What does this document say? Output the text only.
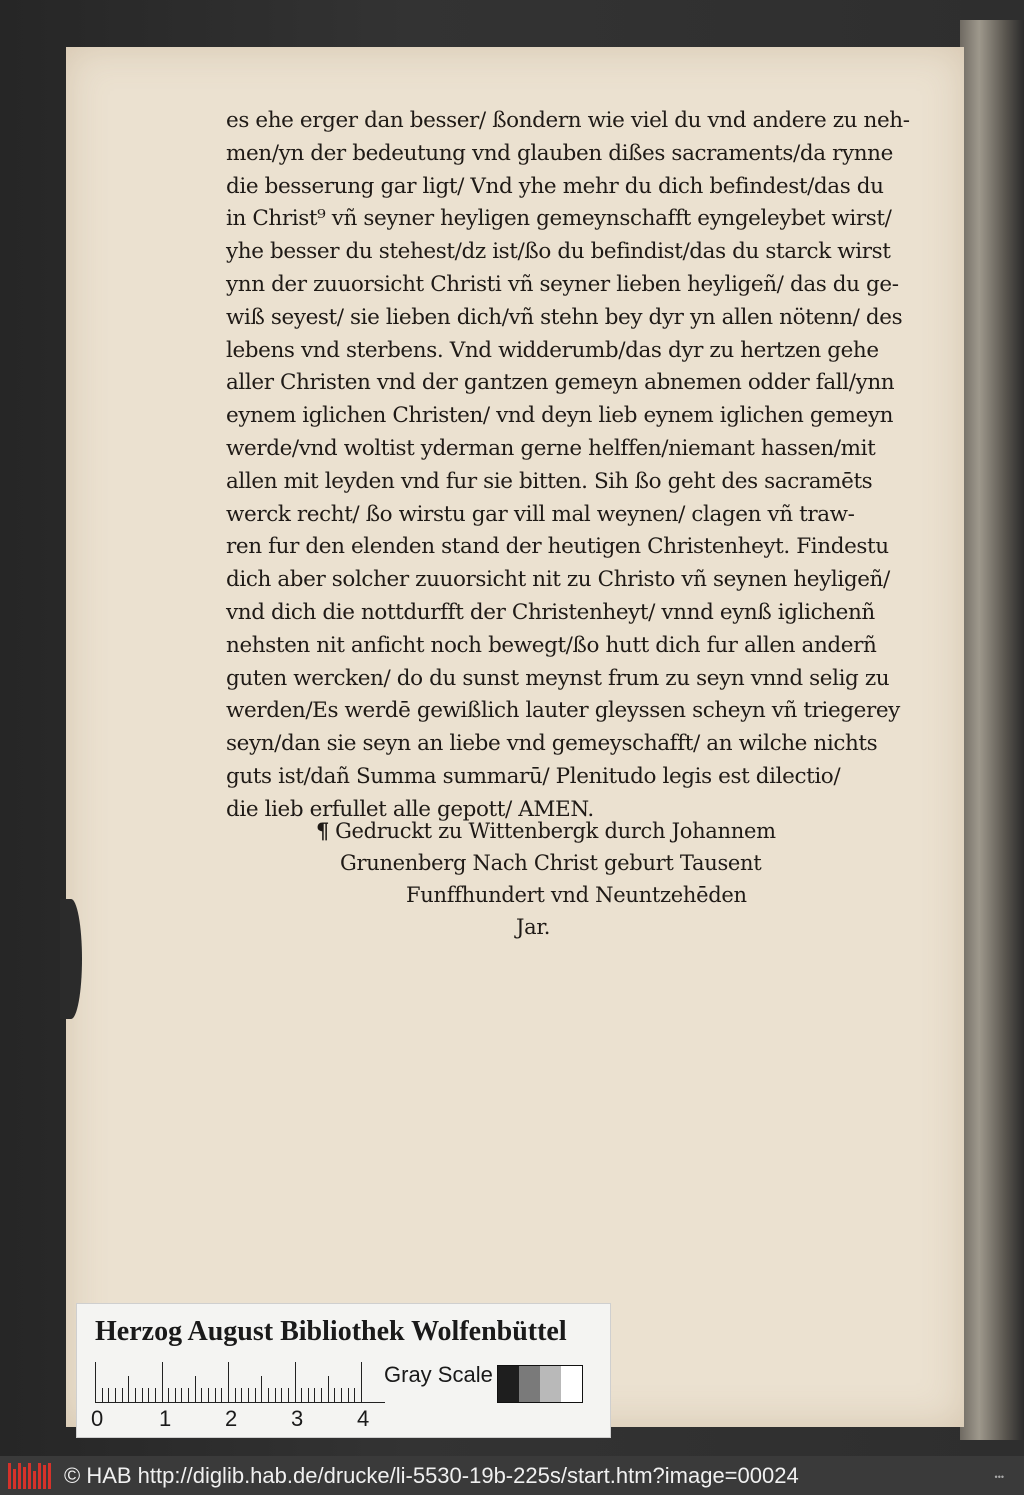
es ehe erger dan besser/ ßondern wie viel du vnd andere zu neh-
men/yn der bedeutung vnd glauben dißes sacraments/da rynne
die besserung gar ligt/ Vnd yhe mehr du dich befindest/das du
in Christ⁹ vñ seyner heyligen gemeynschafft eyngeleybet wirst/
yhe besser du stehest/dz ist/ßo du befindist/das du starck wirst
ynn der zuuorsicht Christi vñ seyner lieben heyligeñ/ das du ge-
wiß seyest/ sie lieben dich/vñ stehn bey dyr yn allen nötenn/ des
lebens vnd sterbens. Vnd widderumb/das dyr zu hertzen gehe
aller Christen vnd der gantzen gemeyn abnemen odder fall/ynn
eynem iglichen Christen/ vnd deyn lieb eynem iglichen gemeyn
werde/vnd woltist yderman gerne helffen/niemant hassen/mit
allen mit leyden vnd fur sie bitten. Sih ßo geht des sacramēts
werck recht/ ßo wirstu gar vill mal weynen/ clagen vñ traw-
ren fur den elenden stand der heutigen Christenheyt. Findestu
dich aber solcher zuuorsicht nit zu Christo vñ seynen heyligeñ/
vnd dich die nottdurfft der Christenheyt/ vnnd eynß iglichenñ
nehsten nit anficht noch bewegt/ßo hutt dich fur allen anderñ
guten wercken/ do du sunst meynst frum zu seyn vnnd selig zu
werden/Es werdē gewißlich lauter gleyssen scheyn vñ triegerey
seyn/dan sie seyn an liebe vnd gemeyschafft/ an wilche nichts
guts ist/dañ Summa summarū/ Plenitudo legis est dilectio/
die lieb erfullet alle gepott/ AMEN.
¶ Gedruckt zu Wittenbergk durch Johannem
Grunenberg Nach Christ geburt Tausent
Funffhundert vnd Neuntzehēden
Jar.
Herzog August Bibliothek Wolfenbüttel
0	1 2 3 4
Gray Scale
© HAB http://diglib.hab.de/drucke/li-5530-19b-225s/start.htm?image=00024	•••
